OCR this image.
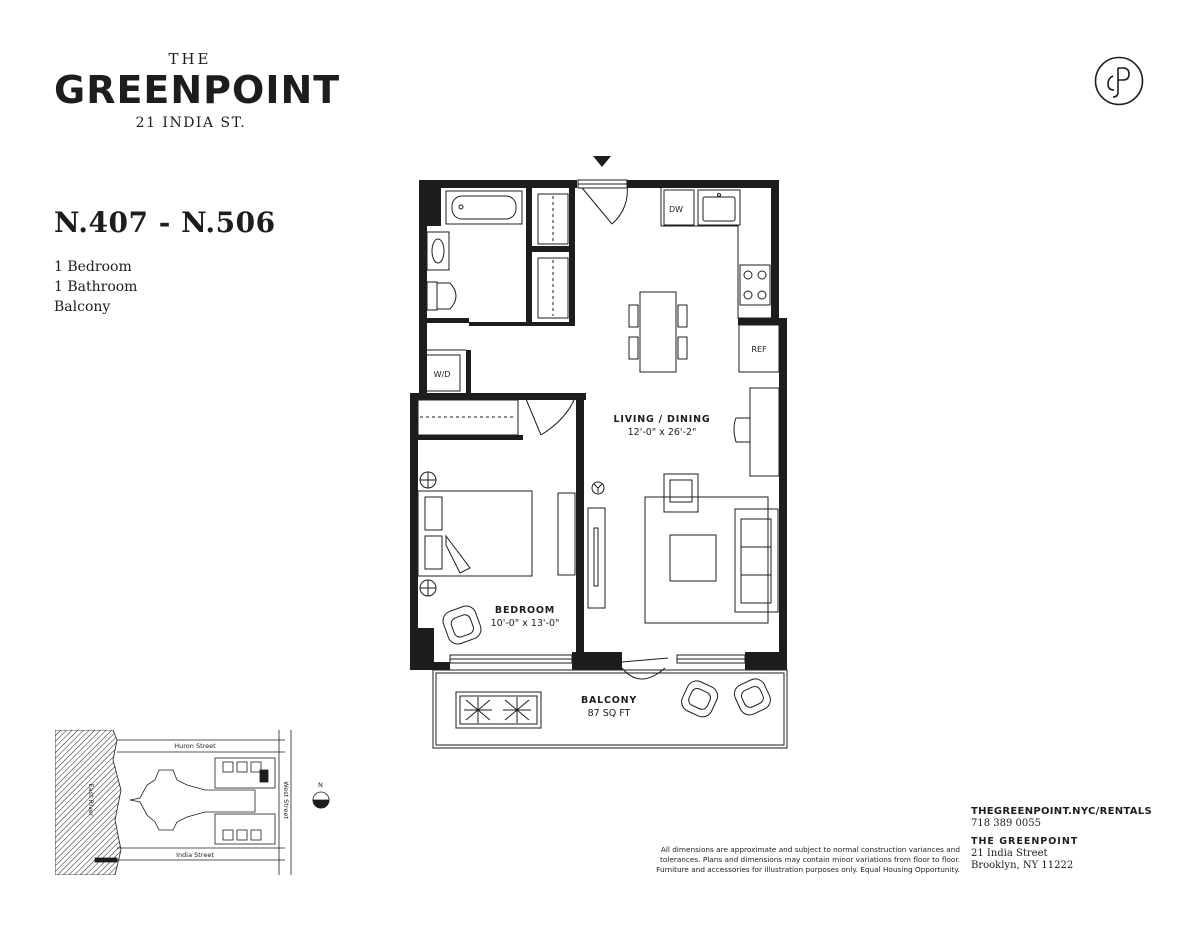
THE
GREENPOINT
21 INDIA ST.
N.407 - N.506
1 Bedroom
1 Bathroom
Balcony
DW
REF
W/D
LIVING / DINING
12'-0" x 26'-2"
BEDROOM
10'-0" x 13'-0"
BALCONY
87 SQ FT
Huron Street
India Street
West Street
East River	N
All dimensions are approximate and subject to normal construction variances and
tolerances. Plans and dimensions may contain minor variations from floor to floor.
Furniture and accessories for illustration purposes only. Equal Housing Opportunity.
THEGREENPOINT.NYC/RENTALS
718 389 0055
THE GREENPOINT
21 India Street
Brooklyn, NY 11222
